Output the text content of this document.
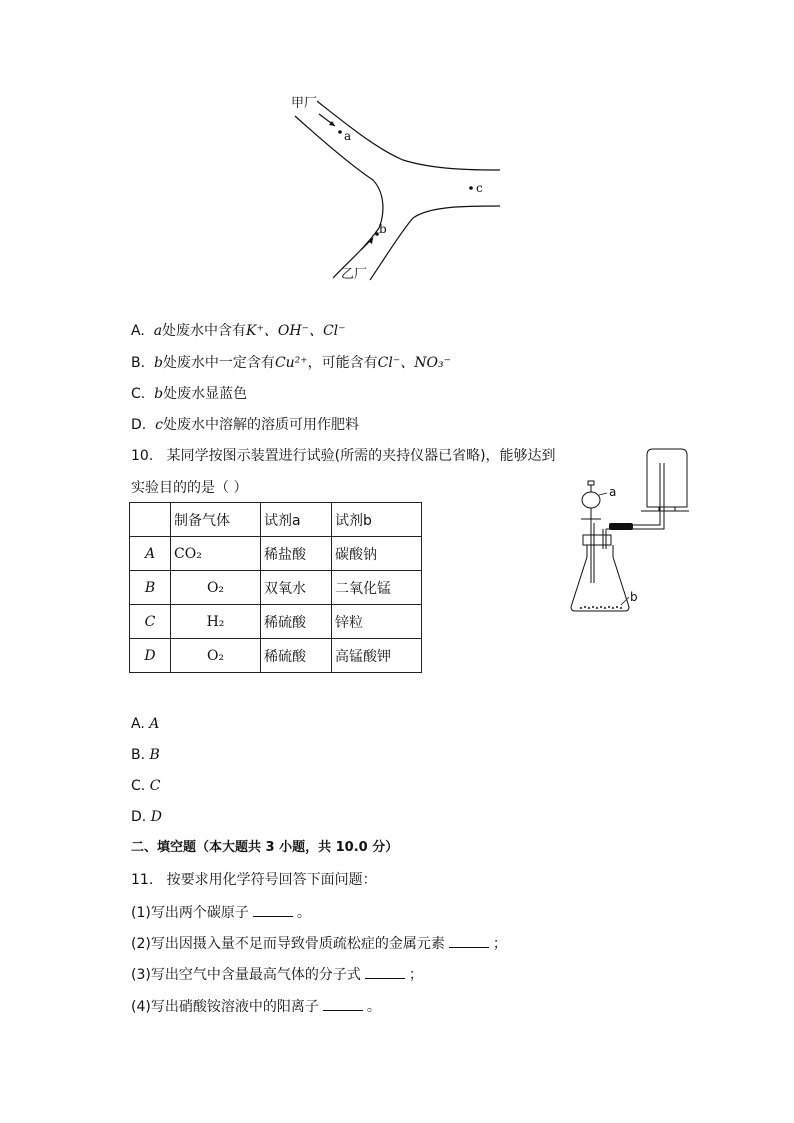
甲厂
a
b
c
乙厂
A. a处废水中含有K⁺、OH⁻、Cl⁻
B. b处废水中一定含有Cu²⁺，可能含有Cl⁻、NO₃⁻
C. b处废水显蓝色
D. c处废水中溶解的溶质可用作肥料
10. 某同学按图示装置进行试验(所需的夹持仪器已省略)，能够达到
实验目的的是（ ）
	制备气体	试剂a	试剂b
A	CO₂	稀盐酸	碳酸钠
B	O₂	双氧水	二氧化锰
C	H₂	稀硫酸	锌粒
D	O₂	稀硫酸	高锰酸钾
a
b
A. A
B. B
C. C
D. D
二、填空题（本大题共 3 小题，共 10.0 分）
11. 按要求用化学符号回答下面问题：
(1)写出两个碳原子	。
(2)写出因摄入量不足而导致骨质疏松症的金属元素	；
(3)写出空气中含量最高气体的分子式	；
(4)写出硝酸铵溶液中的阳离子	。
